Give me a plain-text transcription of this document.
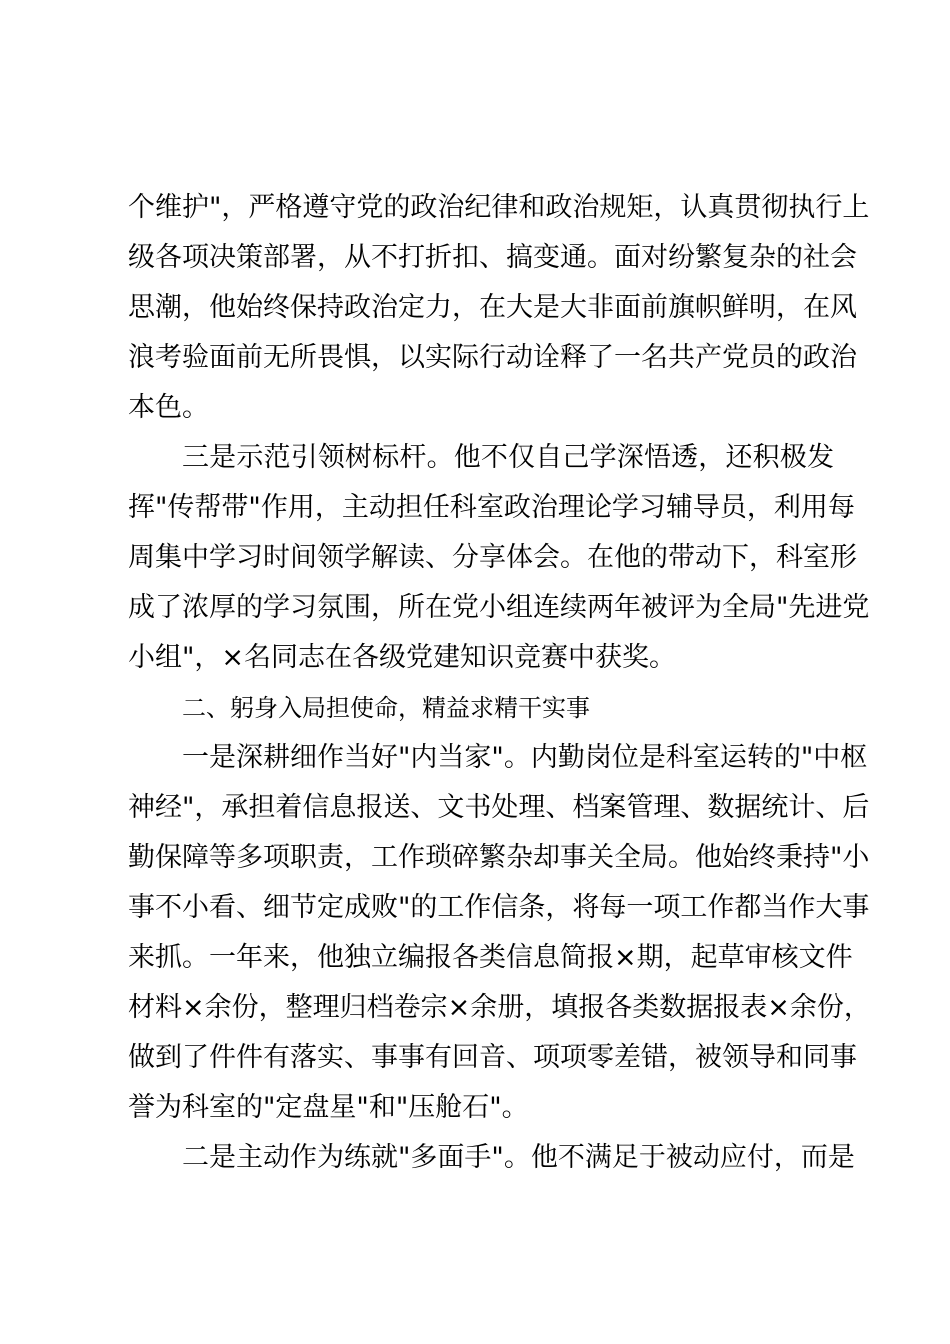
个维护"，严格遵守党的政治纪律和政治规矩，认真贯彻执行上
级各项决策部署，从不打折扣、搞变通。面对纷繁复杂的社会
思潮，他始终保持政治定力，在大是大非面前旗帜鲜明，在风
浪考验面前无所畏惧，以实际行动诠释了一名共产党员的政治
本色。

三是示范引领树标杆。他不仅自己学深悟透，还积极发
挥"传帮带"作用，主动担任科室政治理论学习辅导员，利用每
周集中学习时间领学解读、分享体会。在他的带动下，科室形
成了浓厚的学习氛围，所在党小组连续两年被评为全局"先进党
小组"，×名同志在各级党建知识竞赛中获奖。

二、躬身入局担使命，精益求精干实事

一是深耕细作当好"内当家"。内勤岗位是科室运转的"中枢
神经"，承担着信息报送、文书处理、档案管理、数据统计、后
勤保障等多项职责，工作琐碎繁杂却事关全局。他始终秉持"小
事不小看、细节定成败"的工作信条，将每一项工作都当作大事
来抓。一年来，他独立编报各类信息简报×期，起草审核文件
材料×余份，整理归档卷宗×余册，填报各类数据报表×余份，
做到了件件有落实、事事有回音、项项零差错，被领导和同事
誉为科室的"定盘星"和"压舱石"。

二是主动作为练就"多面手"。他不满足于被动应付，而是
